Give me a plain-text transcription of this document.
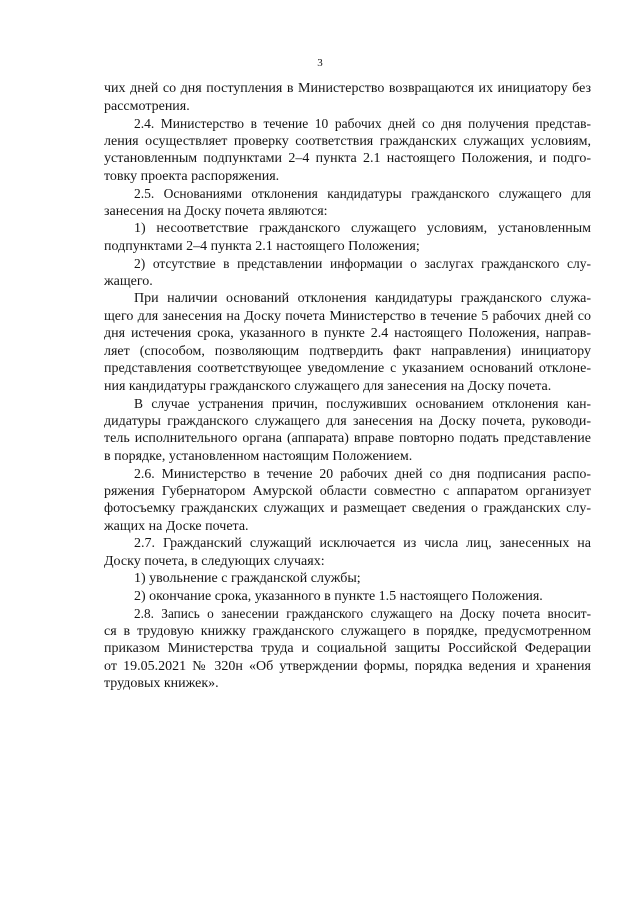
3
чих дней со дня поступления в Министерство возвращаются их инициатору без
рассмотрения.
2.4. Министерство в течение 10 рабочих дней со дня получения представ-
ления осуществляет проверку соответствия гражданских служащих условиям,
установленным подпунктами 2–4 пункта 2.1 настоящего Положения, и подго-
товку проекта распоряжения.
2.5. Основаниями отклонения кандидатуры гражданского служащего для
занесения на Доску почета являются:
1) несоответствие гражданского служащего условиям, установленным
подпунктами 2–4 пункта 2.1 настоящего Положения;
2) отсутствие в представлении информации о заслугах гражданского слу-
жащего.
При наличии оснований отклонения кандидатуры гражданского служа-
щего для занесения на Доску почета Министерство в течение 5 рабочих дней со
дня истечения срока, указанного в пункте 2.4 настоящего Положения, направ-
ляет (способом, позволяющим подтвердить факт направления) инициатору
представления соответствующее уведомление с указанием оснований отклоне-
ния кандидатуры гражданского служащего для занесения на Доску почета.
В случае устранения причин, послуживших основанием отклонения кан-
дидатуры гражданского служащего для занесения на Доску почета, руководи-
тель исполнительного органа (аппарата) вправе повторно подать представление
в порядке, установленном настоящим Положением.
2.6. Министерство в течение 20 рабочих дней со дня подписания распо-
ряжения Губернатором Амурской области совместно с аппаратом организует
фотосъемку гражданских служащих и размещает сведения о гражданских слу-
жащих на Доске почета.
2.7. Гражданский служащий исключается из числа лиц, занесенных на
Доску почета, в следующих случаях:
1) увольнение с гражданской службы;
2) окончание срока, указанного в пункте 1.5 настоящего Положения.
2.8. Запись о занесении гражданского служащего на Доску почета вносит-
ся в трудовую книжку гражданского служащего в порядке, предусмотренном
приказом Министерства труда и социальной защиты Российской Федерации
от 19.05.2021 № 320н «Об утверждении формы, порядка ведения и хранения
трудовых книжек».
